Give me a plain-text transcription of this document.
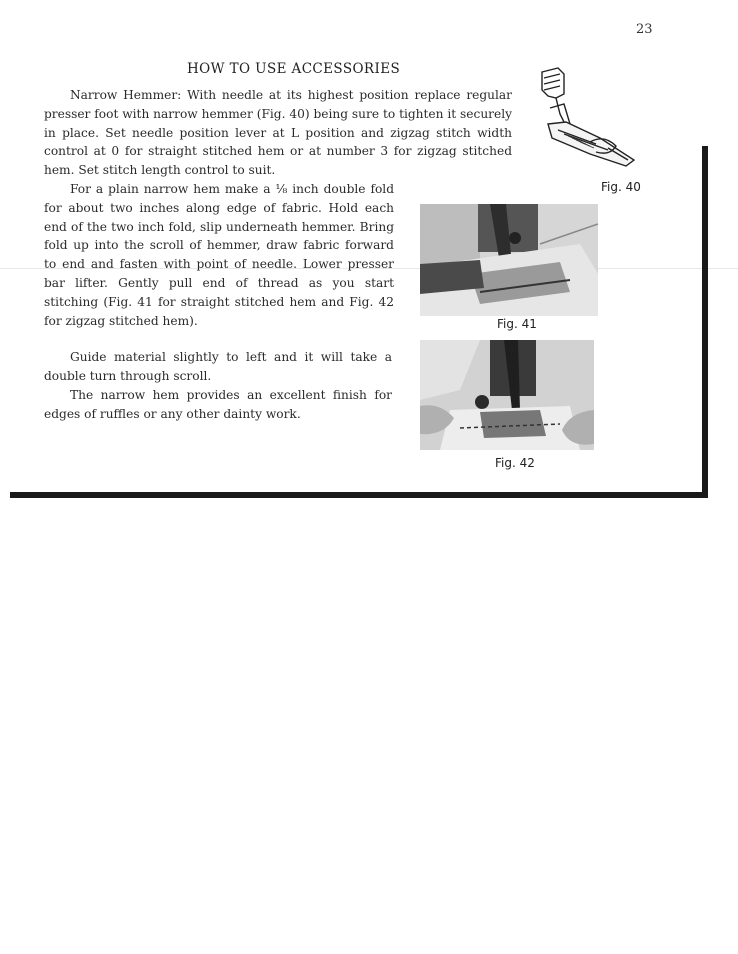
23
HOW TO USE ACCESSORIES

Narrow Hemmer: With needle at its highest position replace regular presser foot with narrow hemmer (Fig. 40) being sure to tighten it securely in place. Set needle position lever at L position and zigzag stitch width control at 0 for straight stitched hem or at number 3 for zigzag stitched hem. Set stitch length control to suit.

For a plain narrow hem make a ⅛ inch double fold for about two inches along edge of fabric. Hold each end of the two inch fold, slip underneath hemmer. Bring fold up into the scroll of hemmer, draw fabric forward to end and fasten with point of needle. Lower presser bar lifter. Gently pull end of thread as you start stitching (Fig. 41 for straight stitched hem and Fig. 42 for zigzag stitched hem).

Guide material slightly to left and it will take a double turn through scroll.

The narrow hem provides an excellent finish for edges of ruffles or any other dainty work.

Fig. 40
Fig. 41
Fig. 42
